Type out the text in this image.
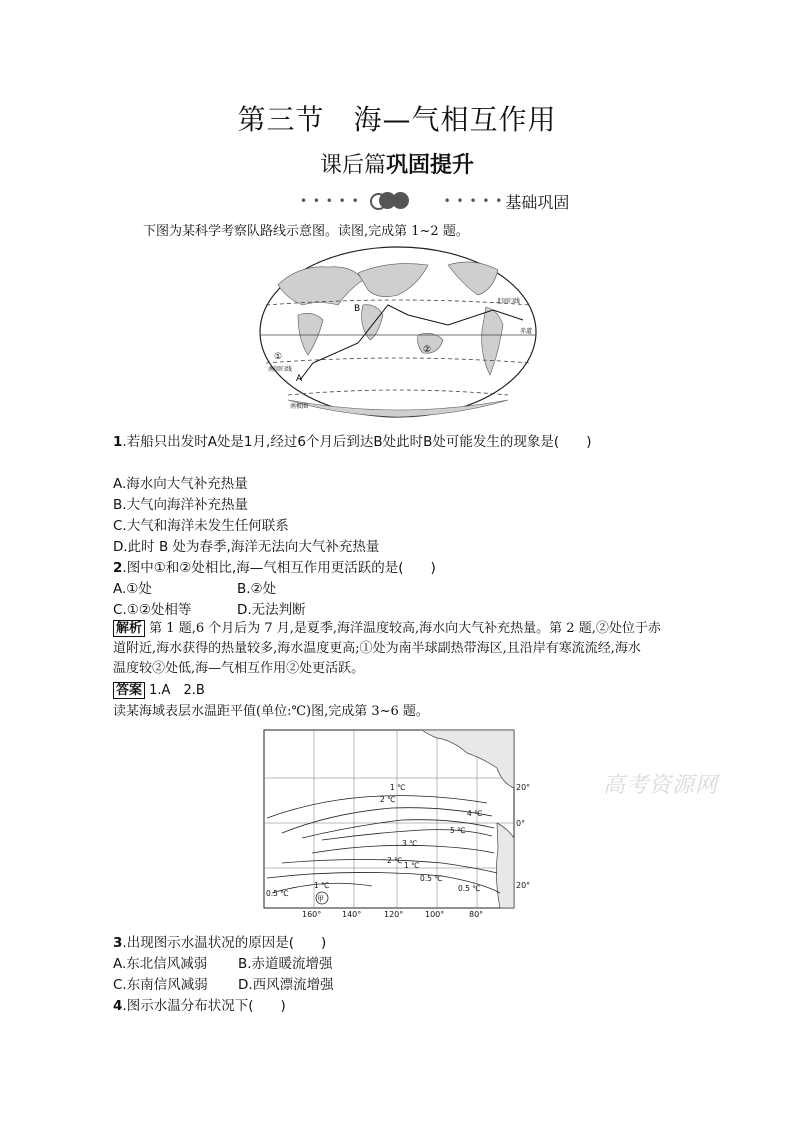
第三节　海—气相互作用
课后篇巩固提升
• • • • •	• • • • • 基础巩固
下图为某科学考察队路线示意图。读图,完成第 1~2 题。
B
A
①
②
北回归线
赤道
南回归线
南极圈
1.若船只出发时A处是1月,经过6个月后到达B处此时B处可能发生的现象是(　　)
A.海水向大气补充热量
B.大气向海洋补充热量
C.大气和海洋未发生任何联系
D.此时 B 处为春季,海洋无法向大气补充热量
2.图中①和②处相比,海—气相互作用更活跃的是(　　)
A.①处	B.②处
C.①②处相等	D.无法判断
解析 第 1 题,6 个月后为 7 月,是夏季,海洋温度较高,海水向大气补充热量。第 2 题,②处位于赤
道附近,海水获得的热量较多,海水温度更高;①处为南半球副热带海区,且沿岸有寒流流经,海水
温度较②处低,海—气相互作用②处更活跃。
答案 1.A　2.B
读某海域表层水温距平值(单位:℃)图,完成第 3~6 题。
1 ℃
2 ℃
4 ℃
5 ℃
3 ℃
2 ℃
1 ℃
0.5 ℃
0.5 ℃
0.5 ℃
1 ℃
甲
20°
0°
20°
160°	140°	120°	100°	80°
高考资源网
3.出现图示水温状况的原因是(　　)
A.东北信风减弱 B.赤道暖流增强
C.东南信风减弱 D.西风漂流增强
4.图示水温分布状况下(　　)
